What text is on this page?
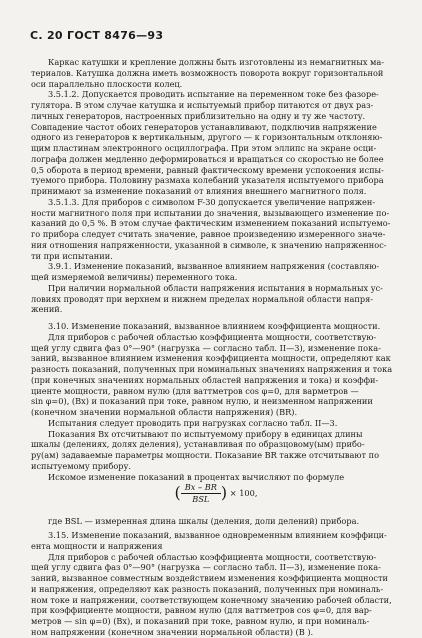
С. 20 ГОСТ 8476—93
Каркас катушки и крепление должны быть изготовлены из немагнитных ма-
териалов. Катушка должна иметь возможность поворота вокруг горизонтальной
оси параллельно плоскости колец.
3.5.1.2. Допускается проводить испытание на переменном токе без фазоре-
гулятора. В этом случае катушка и испытуемый прибор питаются от двух раз-
личных генераторов, настроенных приблизительно на одну и ту же частоту.
Совпадение частот обоих генераторов устанавливают, подключив напряжение
одного из генераторов к вертикальным, другого — к горизонтальным отклоняю-
щим пластинам электронного осциллографа. При этом эллипс на экране осци-
лографа должен медленно деформироваться и вращаться со скоростью не более
0,5 оборота в период времени, равный фактическому времени успокоения испы-
туемого прибора. Половину размаха колебаний указателя испытуемого прибора
принимают за изменение показаний от влияния внешнего магнитного поля.
3.5.1.3. Для приборов с символом F-30 допускается увеличение напряжен-
ности магнитного поля при испытании до значения, вызывающего изменение по-
казаний до 0,5 %. В этом случае фактическим изменением показаний испытуемо-
го прибора следует считать значение, равное произведению измеренного значе-
ния отношения напряженности, указанной в символе, к значению напряженнос-
ти при испытании.
3.9.1. Изменение показаний, вызванное влиянием напряжения (составляю-
щей измеряемой величины) переменного тока.
При наличии нормальной области напряжения испытания в нормальных ус-
ловиях проводят при верхнем и нижнем пределах нормальной области напря-
жений.
3.10. Изменение показаний, вызванное влиянием коэффициента мощности.
Для приборов с рабочей областью коэффициента мощности, соответствую-
щей углу сдвига фаз 0°—90° (нагрузка — согласно табл. II—3), изменение пока-
заний, вызванное влиянием изменения коэффициента мощности, определяют как
разность показаний, полученных при номинальных значениях напряжения и тока
(при конечных значениях нормальных областей напряжения и тока) и коэффи-
циенте мощности, равном нулю (для ваттметров cos φ=0, для варметров —
sin φ=0), (Bx) и показаний при токе, равном нулю, и неизменном напряжении
(конечном значении нормальной области напряжения) (BR).
Испытания следует проводить при нагрузках согласно табл. II—3.
Показания Bx отсчитывают по испытуемому прибору в единицах длины
шкалы (делениях, долях деления), устанавливая по образцовому(ым) прибо-
ру(ам) задаваемые параметры мощности. Показание BR также отсчитывают по
испытуемому прибору.
Искомое изменение показаний в процентах вычисляют по формуле
( $\frac{Bx - BR}{\text{BSL}}$ ) × 100,
где BSL — измеренная длина шкалы (деления, доли делений) прибора.
3.15. Изменение показаний, вызванное одновременным влиянием коэффици-
ента мощности и напряжения
Для приборов с рабочей областью коэффициента мощности, соответствую-
щей углу сдвига фаз 0°—90° (нагрузка — согласно табл. II—3), изменение пока-
заний, вызванное совместным воздействием изменения коэффициента мощности
и напряжения, определяют как разность показаний, полученных при номиналь-
ном токе и напряжении, соответствующем конечному значению рабочей области,
при коэффициенте мощности, равном нулю (для ваттметров cos φ=0, для вар-
метров — sin φ=0) (Bx), и показаний при токе, равном нулю, и при номиналь-
ном напряжении (конечном значении нормальной области) (B ).
